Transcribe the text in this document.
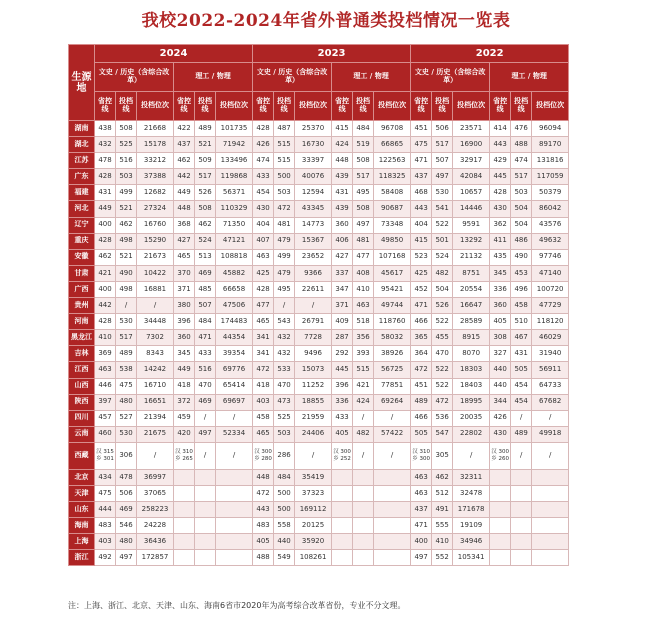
我校2022-2024年省外普通类投档情况一览表
生源地	2024						2023						2022					
	文史 / 历史（含综合改革）			理工 / 物理			文史 / 历史（含综合改革）			理工 / 物理			文史 / 历史（含综合改革）			理工 / 物理		
	省控线	投档线	投档位次	省控线	投档线	投档位次	省控线	投档线	投档位次	省控线	投档线	投档位次	省控线	投档线	投档位次	省控线	投档线	投档位次
湖南	438	508	21668	422	489	101735	428	487	25370	415	484	96708	451	506	23571	414	476	96094
湖北	432	525	15178	437	521	71942	426	515	16730	424	519	66865	475	517	16900	443	488	89170
江苏	478	516	33212	462	509	133496	474	515	33397	448	508	122563	471	507	32917	429	474	131816
广东	428	503	37388	442	517	119868	433	500	40076	439	517	118325	437	497	42084	445	517	117059
福建	431	499	12682	449	526	56371	454	503	12594	431	495	58408	468	530	10657	428	503	50379
河北	449	521	27324	448	508	110329	430	472	43345	439	508	90687	443	541	14446	430	504	86042
辽宁	400	462	16760	368	462	71350	404	481	14773	360	497	73348	404	522	9591	362	504	43576
重庆	428	498	15290	427	524	47121	407	479	15367	406	481	49850	415	501	13292	411	486	49632
安徽	462	521	21673	465	513	108818	463	499	23652	427	477	107168	523	524	21132	435	490	97746
甘肃	421	490	10422	370	469	45882	425	479	9366	337	408	45617	425	482	8751	345	453	47140
广西	400	498	16881	371	485	66658	428	495	22611	347	410	95421	452	504	20554	336	496	100720
贵州	442	/	/	380	507	47506	477	/	/	371	463	49744	471	526	16647	360	458	47729
河南	428	530	34448	396	484	174483	465	543	26791	409	518	118760	466	522	28589	405	510	118120
黑龙江	410	517	7302	360	471	44354	341	432	7728	287	356	58032	365	455	8915	308	467	46029
吉林	369	489	8343	345	433	39354	341	432	9496	292	393	38926	364	470	8070	327	431	31940
江西	463	538	14242	449	516	69776	472	533	15073	445	515	56725	472	522	18303	440	505	56911
山西	446	475	16710	418	470	65414	418	470	11252	396	421	77851	451	522	18403	440	454	64733
陕西	397	480	16651	372	469	69697	403	473	18855	336	424	69264	489	472	18995	344	454	67682
四川	457	527	21394	459	/	/	458	525	21959	433	/	/	466	536	20035	426	/	/
云南	460	530	21675	420	497	52334	465	503	24406	405	482	57422	505	547	22802	430	489	49918
西藏	汉 315 乡 301	306	/	汉 310 乡 265	/	/	汉 300 乡 280	286	/	汉 300 乡 252	/	/	汉 310 乡 300	305	/	汉 300 乡 260	/	/
北京	434	478	36997				448	484	35419				463	462	32311			
天津	475	506	37065				472	500	37323				463	512	32478			
山东	444	469	258223				443	500	169112				437	491	171678			
海南	483	546	24228				483	558	20125				471	555	19109			
上海	403	480	36436				405	440	35920				400	410	34946			
浙江	492	497	172857				488	549	108261				497	552	105341			
注：上海、浙江、北京、天津、山东、海南6省市2020年为高考综合改革省份，专业不分文理。
